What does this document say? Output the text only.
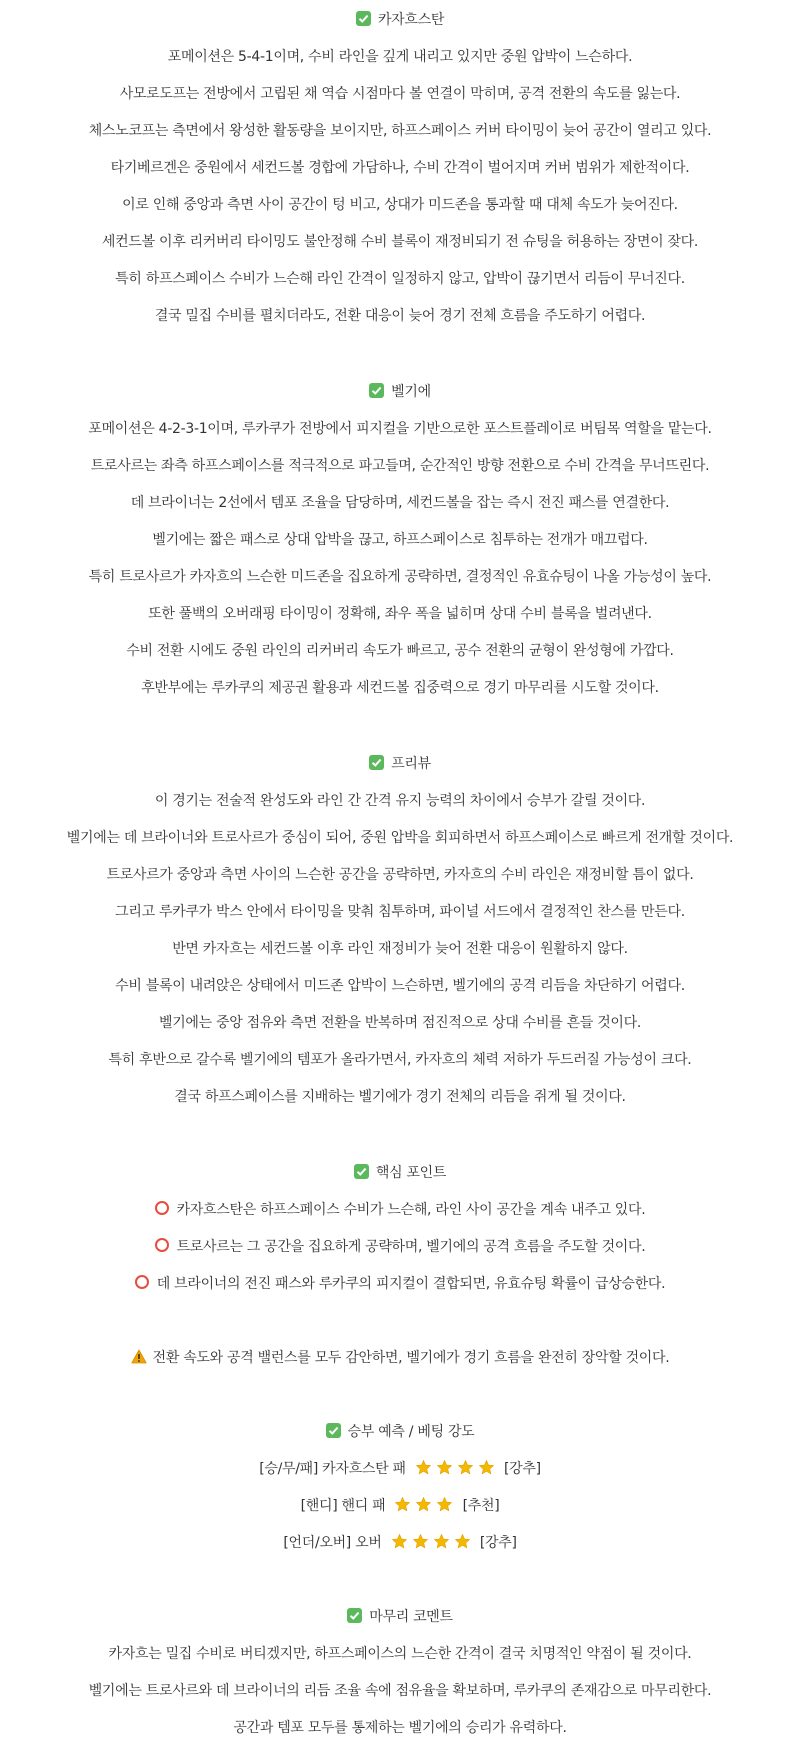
카자흐스탄
포메이션은 5-4-1이며, 수비 라인을 깊게 내리고 있지만 중원 압박이 느슨하다.
사모로도프는 전방에서 고립된 채 역습 시점마다 볼 연결이 막히며, 공격 전환의 속도를 잃는다.
체스노코프는 측면에서 왕성한 활동량을 보이지만, 하프스페이스 커버 타이밍이 늦어 공간이 열리고 있다.
타기베르겐은 중원에서 세컨드볼 경합에 가담하나, 수비 간격이 벌어지며 커버 범위가 제한적이다.
이로 인해 중앙과 측면 사이 공간이 텅 비고, 상대가 미드존을 통과할 때 대체 속도가 늦어진다.
세컨드볼 이후 리커버리 타이밍도 불안정해 수비 블록이 재정비되기 전 슈팅을 허용하는 장면이 잦다.
특히 하프스페이스 수비가 느슨해 라인 간격이 일정하지 않고, 압박이 끊기면서 리듬이 무너진다.
결국 밀집 수비를 펼치더라도, 전환 대응이 늦어 경기 전체 흐름을 주도하기 어렵다.
벨기에
포메이션은 4-2-3-1이며, 루카쿠가 전방에서 피지컬을 기반으로한 포스트플레이로 버팀목 역할을 맡는다.
트로사르는 좌측 하프스페이스를 적극적으로 파고들며, 순간적인 방향 전환으로 수비 간격을 무너뜨린다.
데 브라이너는 2선에서 템포 조율을 담당하며, 세컨드볼을 잡는 즉시 전진 패스를 연결한다.
벨기에는 짧은 패스로 상대 압박을 끊고, 하프스페이스로 침투하는 전개가 매끄럽다.
특히 트로사르가 카자흐의 느슨한 미드존을 집요하게 공략하면, 결정적인 유효슈팅이 나올 가능성이 높다.
또한 풀백의 오버래핑 타이밍이 정확해, 좌우 폭을 넓히며 상대 수비 블록을 벌려낸다.
수비 전환 시에도 중원 라인의 리커버리 속도가 빠르고, 공수 전환의 균형이 완성형에 가깝다.
후반부에는 루카쿠의 제공권 활용과 세컨드볼 집중력으로 경기 마무리를 시도할 것이다.
프리뷰
이 경기는 전술적 완성도와 라인 간 간격 유지 능력의 차이에서 승부가 갈릴 것이다.
벨기에는 데 브라이너와 트로사르가 중심이 되어, 중원 압박을 회피하면서 하프스페이스로 빠르게 전개할 것이다.
트로사르가 중앙과 측면 사이의 느슨한 공간을 공략하면, 카자흐의 수비 라인은 재정비할 틈이 없다.
그리고 루카쿠가 박스 안에서 타이밍을 맞춰 침투하며, 파이널 서드에서 결정적인 찬스를 만든다.
반면 카자흐는 세컨드볼 이후 라인 재정비가 늦어 전환 대응이 원활하지 않다.
수비 블록이 내려앉은 상태에서 미드존 압박이 느슨하면, 벨기에의 공격 리듬을 차단하기 어렵다.
벨기에는 중앙 점유와 측면 전환을 반복하며 점진적으로 상대 수비를 흔들 것이다.
특히 후반으로 갈수록 벨기에의 템포가 올라가면서, 카자흐의 체력 저하가 두드러질 가능성이 크다.
결국 하프스페이스를 지배하는 벨기에가 경기 전체의 리듬을 쥐게 될 것이다.
핵심 포인트
카자흐스탄은 하프스페이스 수비가 느슨해, 라인 사이 공간을 계속 내주고 있다.
트로사르는 그 공간을 집요하게 공략하며, 벨기에의 공격 흐름을 주도할 것이다.
데 브라이너의 전진 패스와 루카쿠의 피지컬이 결합되면, 유효슈팅 확률이 급상승한다.
전환 속도와 공격 밸런스를 모두 감안하면, 벨기에가 경기 흐름을 완전히 장악할 것이다.
승부 예측 / 베팅 강도
[승/무/패] 카자흐스탄 패	[강추]
[핸디] 핸디 패	[추천]
[언더/오버] 오버	[강추]
마무리 코멘트
카자흐는 밀집 수비로 버티겠지만, 하프스페이스의 느슨한 간격이 결국 치명적인 약점이 될 것이다.
벨기에는 트로사르와 데 브라이너의 리듬 조율 속에 점유율을 확보하며, 루카쿠의 존재감으로 마무리한다.
공간과 템포 모두를 통제하는 벨기에의 승리가 유력하다.
